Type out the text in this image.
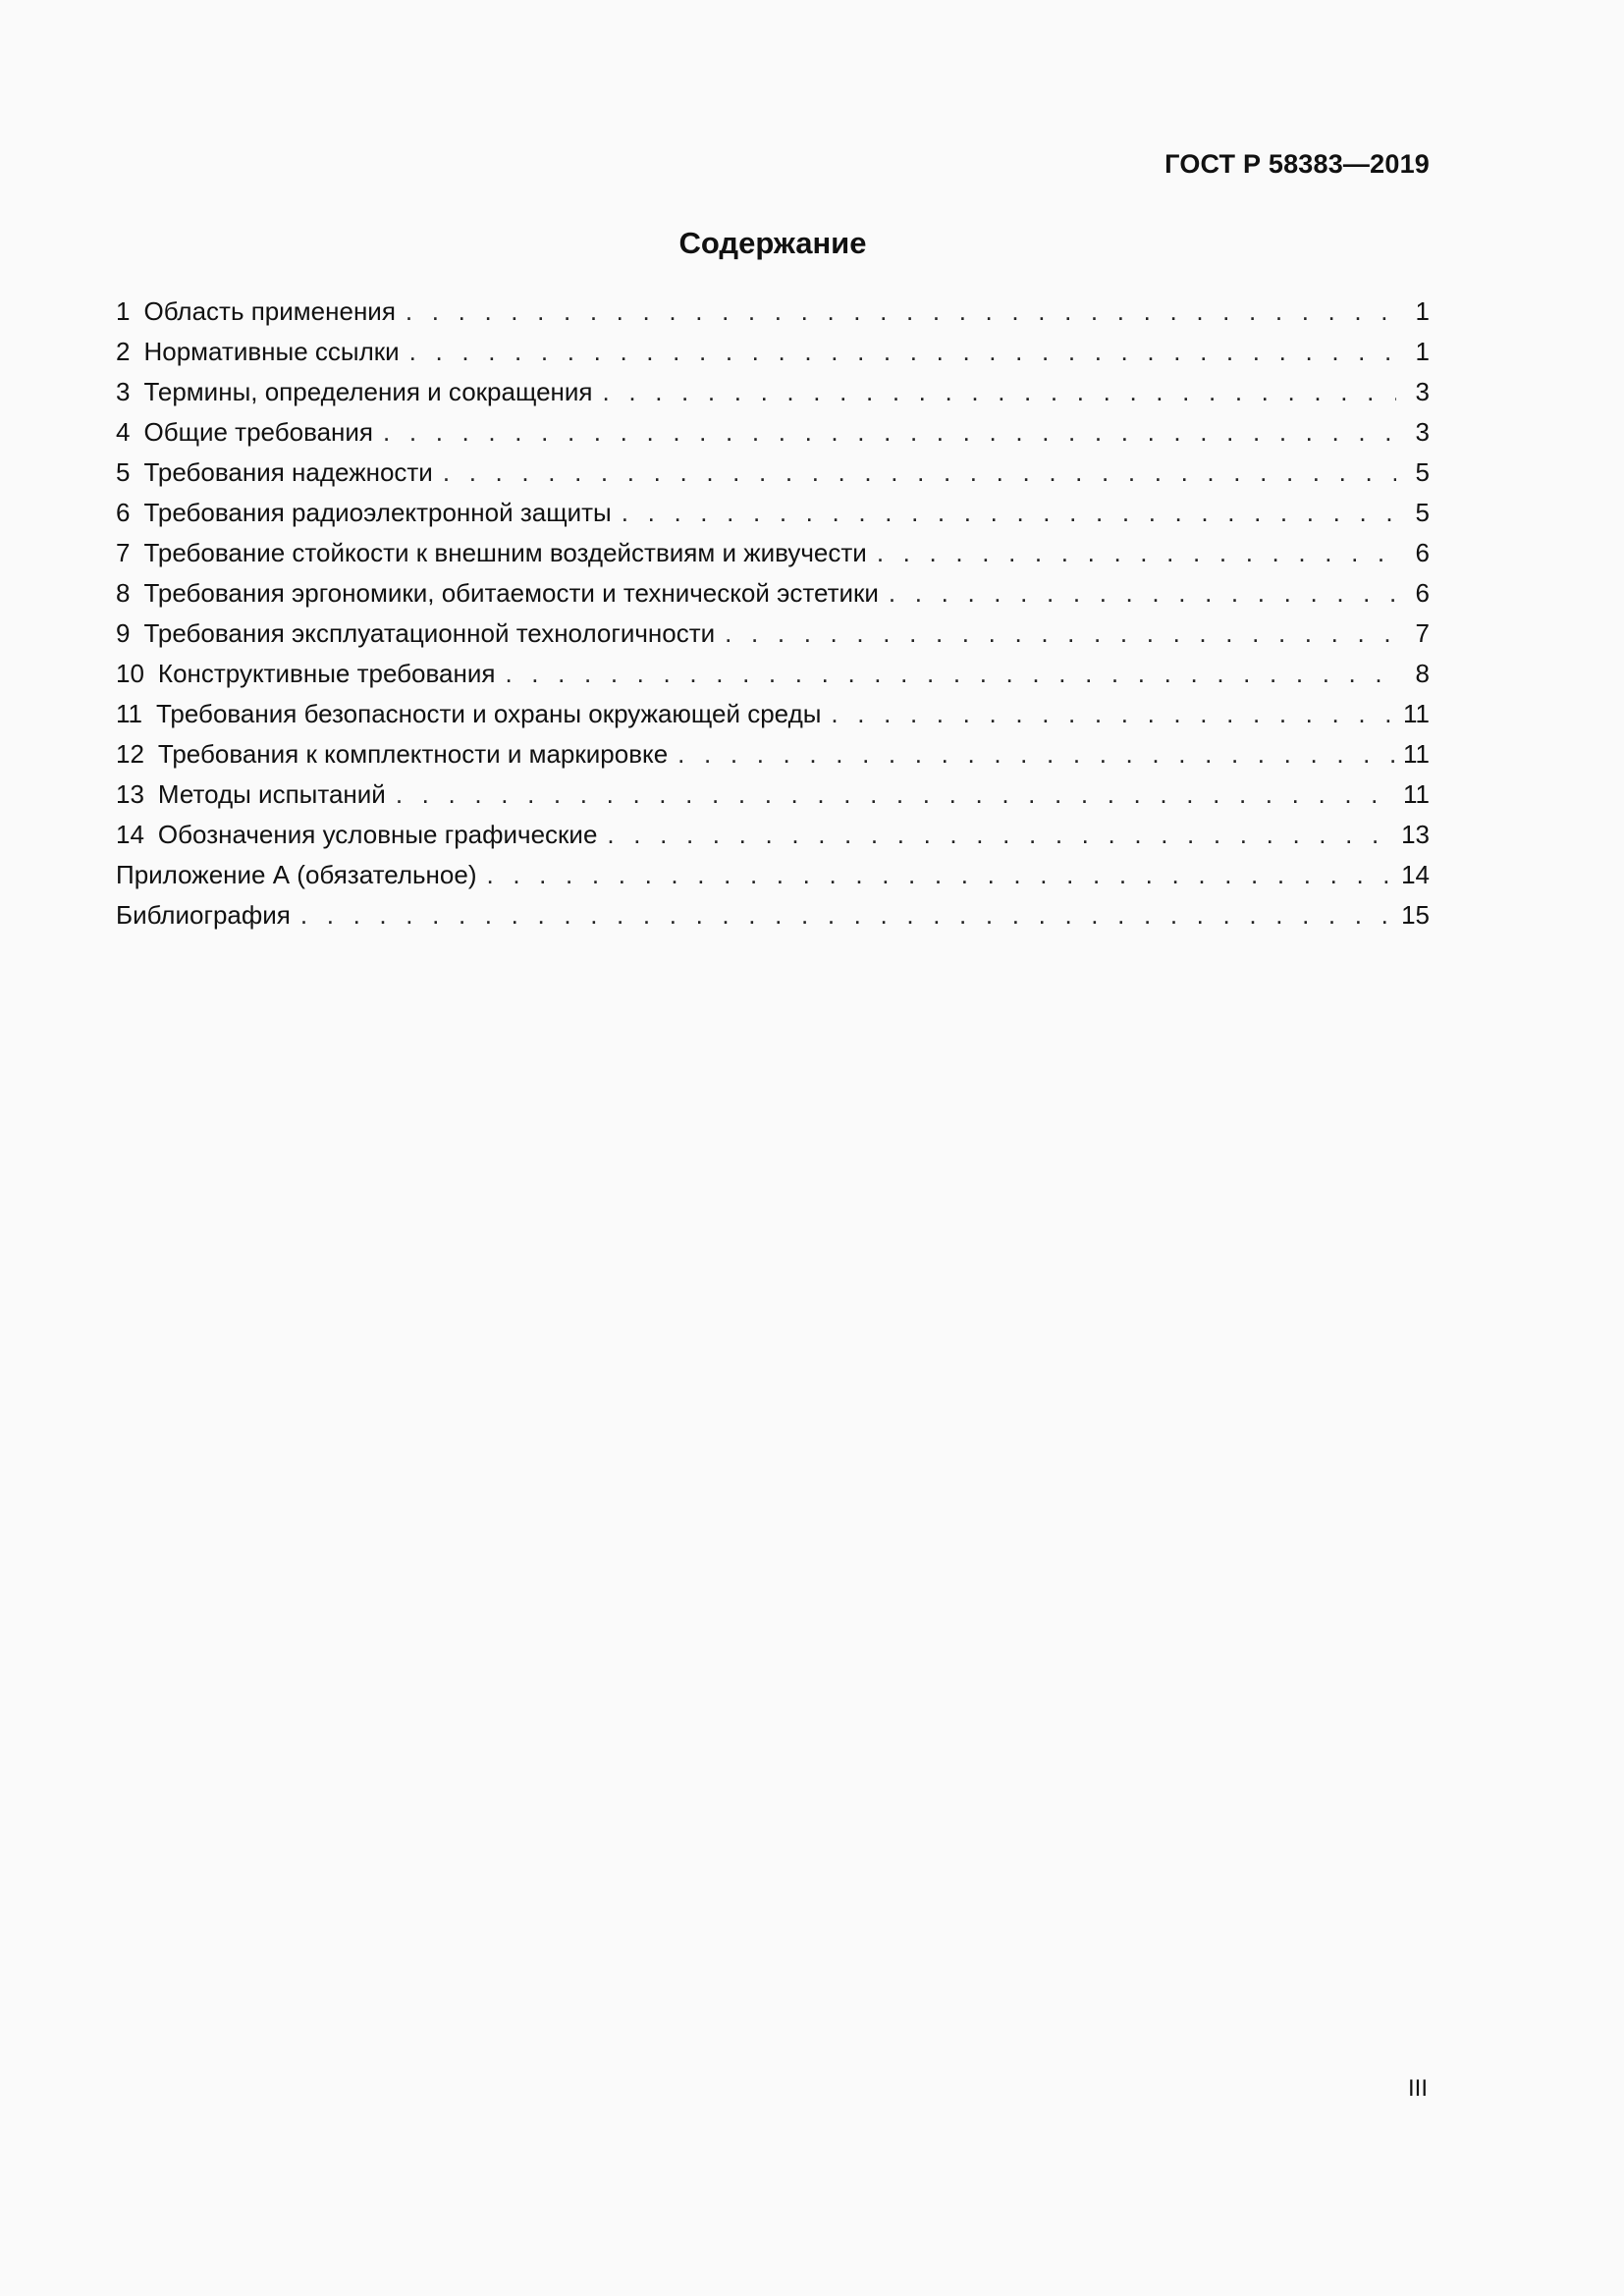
ГОСТ Р 58383—2019
Содержание
1 Область применения . . .	1
2 Нормативные ссылки . . .	1
3 Термины, определения и сокращения . . .	3
4 Общие требования . . .	3
5 Требования надежности . . .	5
6 Требования радиоэлектронной защиты . . .	5
7 Требование стойкости к внешним воздействиям и живучести . . .	6
8 Требования эргономики, обитаемости и технической эстетики . . .	6
9 Требования эксплуатационной технологичности . . .	7
10 Конструктивные требования . . .	8
11 Требования безопасности и охраны окружающей среды . . .	11
12 Требования к комплектности и маркировке . . .	11
13 Методы испытаний . . .	11
14 Обозначения условные графические . . .	13
Приложение А (обязательное) . . .	14
Библиография . . .	15
III
